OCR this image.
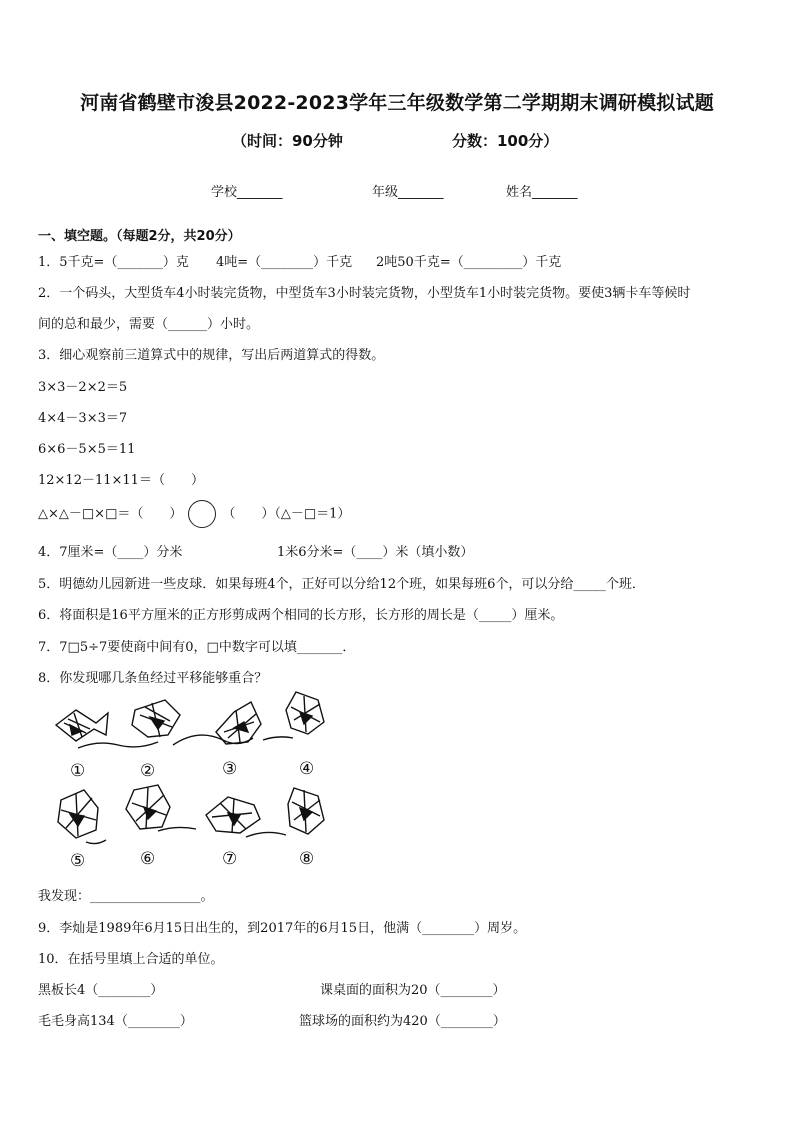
河南省鹤壁市浚县2022-2023学年三年级数学第二学期期末调研模拟试题
（时间：90分钟	分数：100分）
学校_______	年级_______	姓名_______
一、填空题。（每题2分，共20分）
1．5千克=（_______）克 4吨=（________）千克 2吨50千克=（_________）千克
2．一个码头，大型货车4小时装完货物，中型货车3小时装完货物，小型货车1小时装完货物。要使3辆卡车等候时
间的总和最少，需要（______）小时。
3．细心观察前三道算式中的规律，写出后两道算式的得数。
3×3－2×2＝5
4×4－3×3＝7
6×6－5×5＝11
12×12－11×11＝（　　）
△×△－□×□＝（　　）	（　　）（△－□＝1）
4．7厘米=（____）分米	1米6分米=（____）米（填小数）
5．明德幼儿园新进一些皮球．如果每班4个，正好可以分给12个班，如果每班6个，可以分给_____个班．
6．将面积是16平方厘米的正方形剪成两个相同的长方形，长方形的周长是（_____）厘米。
7．7□5÷7要使商中间有0，□中数字可以填_______．
8．你发现哪几条鱼经过平移能够重合？
①	②	③	④
⑤	⑥	⑦	⑧
我发现：_________________。
9．李灿是1989年6月15日出生的，到2017年的6月15日，他满（________）周岁。
10．在括号里填上合适的单位。
黑板长4（________）	课桌面的面积为20（________）
毛毛身高134（________）	篮球场的面积约为420（________）
